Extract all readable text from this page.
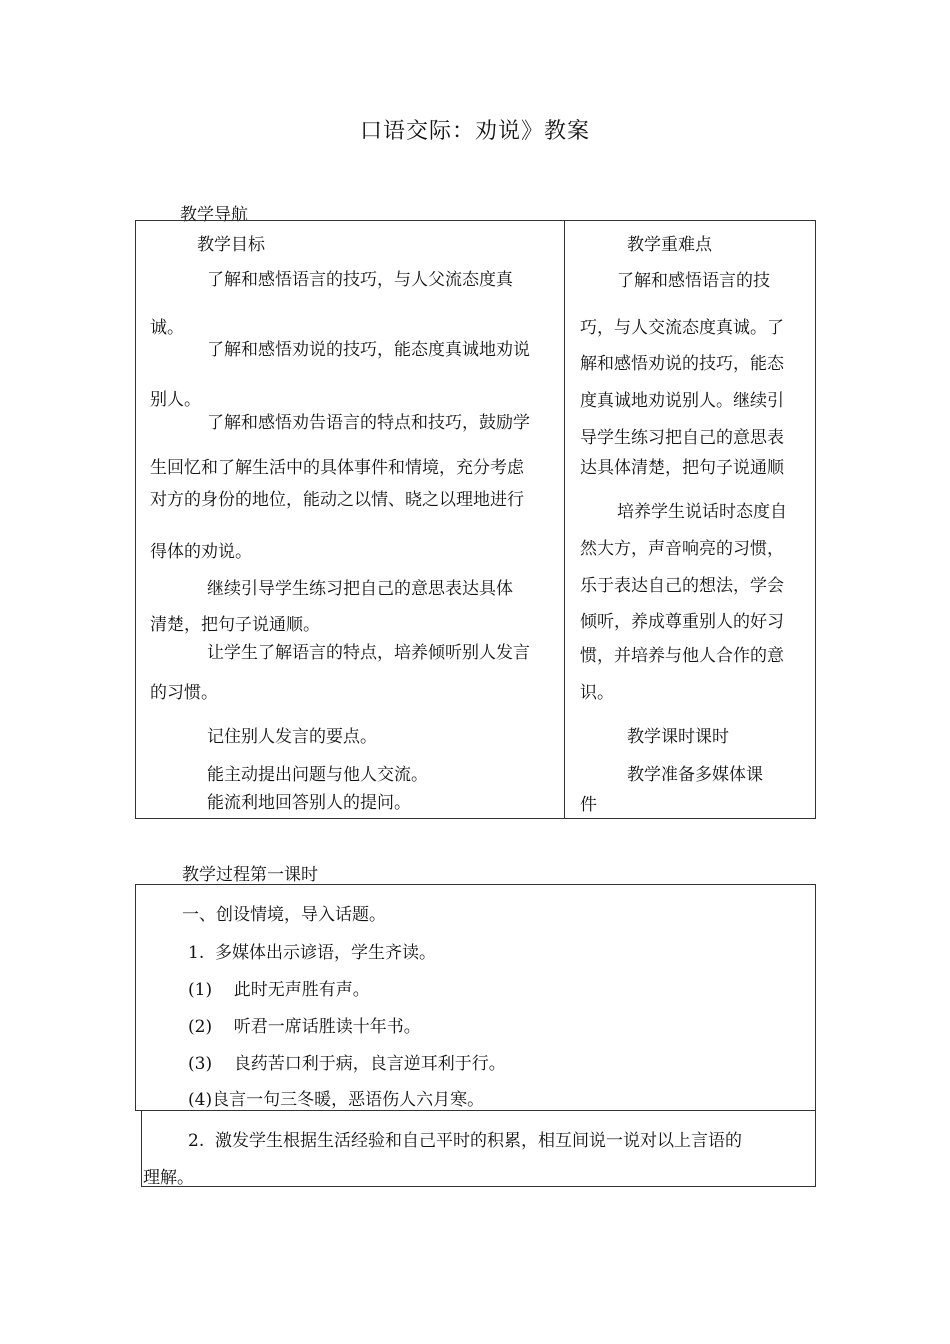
口语交际：劝说》教案
教学导航
教学目标
了解和感悟语言的技巧，与人父流态度真
诚。
了解和感悟劝说的技巧，能态度真诚地劝说
别人。
了解和感悟劝告语言的特点和技巧，鼓励学
生回忆和了解生活中的具体事件和情境，充分考虑
对方的身份的地位，能动之以情、晓之以理地进行
得体的劝说。
继续引导学生练习把自己的意思表达具体
清楚，把句子说通顺。
让学生了解语言的特点，培养倾听别人发言
的习惯。
记住别人发言的要点。
能主动提出问题与他人交流。
能流利地回答别人的提问。
教学重难点
了解和感悟语言的技
巧，与人交流态度真诚。了
解和感悟劝说的技巧，能态
度真诚地劝说别人。继续引
导学生练习把自己的意思表
达具体清楚，把句子说通顺
培养学生说话时态度自
然大方，声音响亮的习惯，
乐于表达自己的想法，学会
倾听，养成尊重别人的好习
惯，并培养与他人合作的意
识。
教学课时课时
教学准备多媒体课
件
教学过程第一课时
一、创设情境，导入话题。
1.  多媒体出示谚语，学生齐读。
(1)    此时无声胜有声。
(2)    听君一席话胜读十年书。
(3)    良药苦口利于病，良言逆耳利于行。
(4)良言一句三冬暖，恶语伤人六月寒。
2.  激发学生根据生活经验和自己平时的积累，相互间说一说对以上言语的
理解。
